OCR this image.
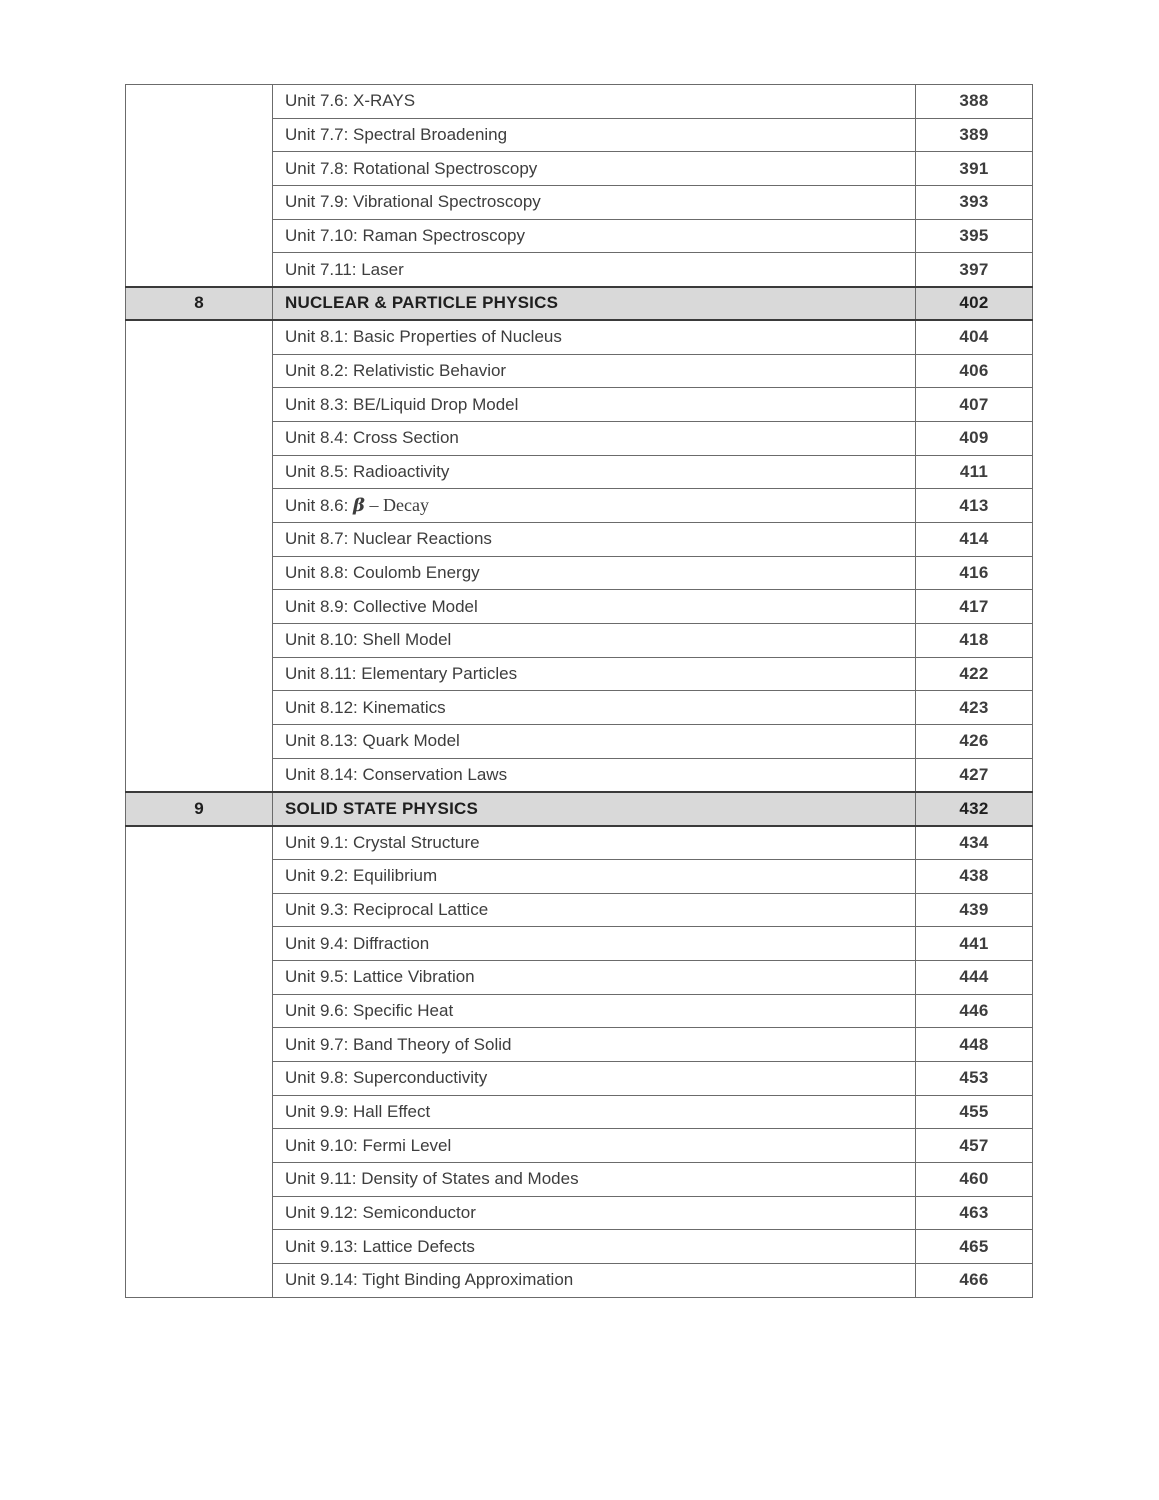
	Unit 7.6: X-RAYS	388
	Unit 7.7: Spectral Broadening	389
	Unit 7.8: Rotational Spectroscopy	391
	Unit 7.9: Vibrational Spectroscopy	393
	Unit 7.10: Raman Spectroscopy	395
	Unit 7.11: Laser	397
8	NUCLEAR & PARTICLE PHYSICS	402
	Unit 8.1: Basic Properties of Nucleus	404
	Unit 8.2: Relativistic Behavior	406
	Unit 8.3: BE/Liquid Drop Model	407
	Unit 8.4: Cross Section	409
	Unit 8.5: Radioactivity	411
	Unit 8.6: β – Decay	413
	Unit 8.7: Nuclear Reactions	414
	Unit 8.8: Coulomb Energy	416
	Unit 8.9: Collective Model	417
	Unit 8.10: Shell Model	418
	Unit 8.11: Elementary Particles	422
	Unit 8.12: Kinematics	423
	Unit 8.13: Quark Model	426
	Unit 8.14: Conservation Laws	427
9	SOLID STATE PHYSICS	432
	Unit 9.1: Crystal Structure	434
	Unit 9.2: Equilibrium	438
	Unit 9.3: Reciprocal Lattice	439
	Unit 9.4: Diffraction	441
	Unit 9.5: Lattice Vibration	444
	Unit 9.6: Specific Heat	446
	Unit 9.7: Band Theory of Solid	448
	Unit 9.8: Superconductivity	453
	Unit 9.9: Hall Effect	455
	Unit 9.10: Fermi Level	457
	Unit 9.11: Density of States and Modes	460
	Unit 9.12: Semiconductor	463
	Unit 9.13: Lattice Defects	465
	Unit 9.14: Tight Binding Approximation	466
